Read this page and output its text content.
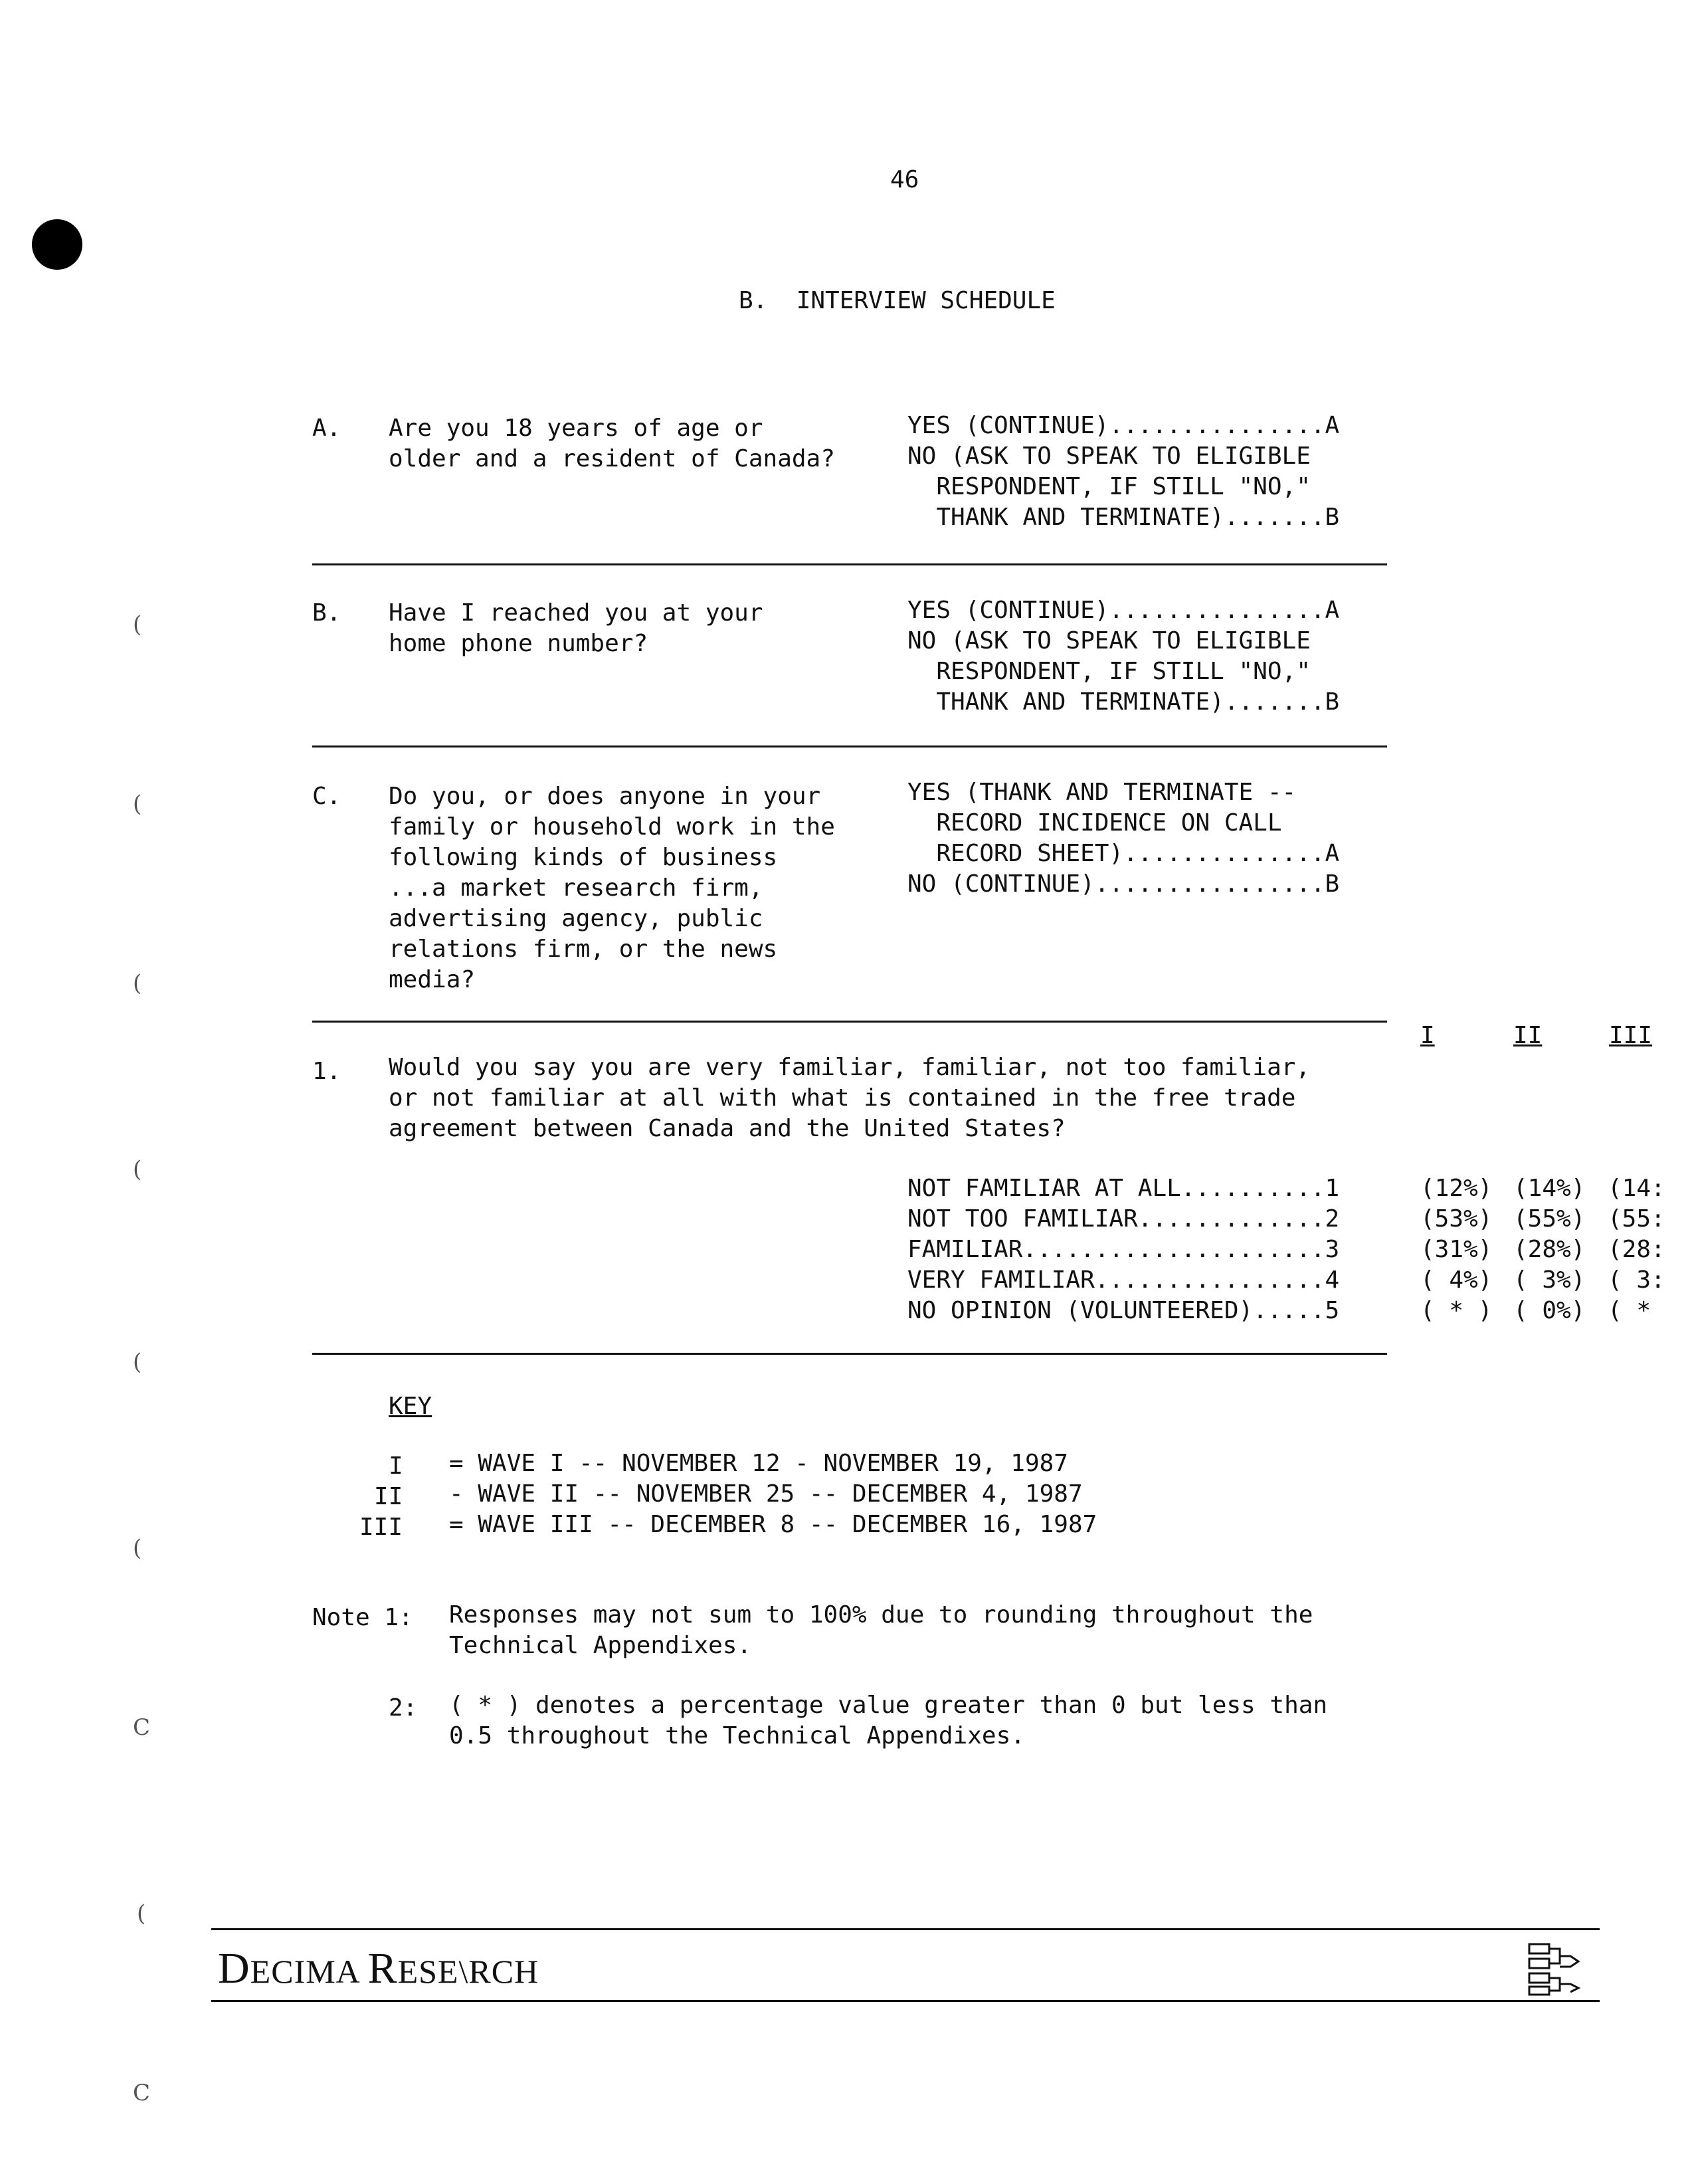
(
(
(
(
(
(
C
(
C
46
B.  INTERVIEW SCHEDULE
A. Are you 18 years of age or
older and a resident of Canada?
YES (CONTINUE)...............A
NO (ASK TO SPEAK TO ELIGIBLE
RESPONDENT, IF STILL "NO,"
THANK AND TERMINATE).......B
B. Have I reached you at your
home phone number?
YES (CONTINUE)...............A
NO (ASK TO SPEAK TO ELIGIBLE
RESPONDENT, IF STILL "NO,"
THANK AND TERMINATE).......B
C. Do you, or does anyone in your
family or household work in the
following kinds of business
...a market research firm,
advertising agency, public
relations firm, or the news
media?
YES (THANK AND TERMINATE --
RECORD INCIDENCE ON CALL
RECORD SHEET)..............A
NO (CONTINUE)................B
I	II	III
1. Would you say you are very familiar, familiar, not too familiar,
or not familiar at all with what is contained in the free trade
agreement between Canada and the United States?
NOT FAMILIAR AT ALL..........1	(12%) (14%) (14:
NOT TOO FAMILIAR.............2	(53%) (55%) (55:
FAMILIAR.....................3	(31%) (28%) (28:
VERY FAMILIAR................4	( 4%) ( 3%) ( 3:
NO OPINION (VOLUNTEERED).....5	( * ) ( 0%) ( *
KEY
I = WAVE I -- NOVEMBER 12 - NOVEMBER 19, 1987
II - WAVE II -- NOVEMBER 25 -- DECEMBER 4, 1987
III = WAVE III -- DECEMBER 8 -- DECEMBER 16, 1987
Note 1: Responses may not sum to 100% due to rounding throughout the
Technical Appendixes.
2: ( * ) denotes a percentage value greater than 0 but less than
0.5 throughout the Technical Appendixes.
DECIMA RESE\RCH
